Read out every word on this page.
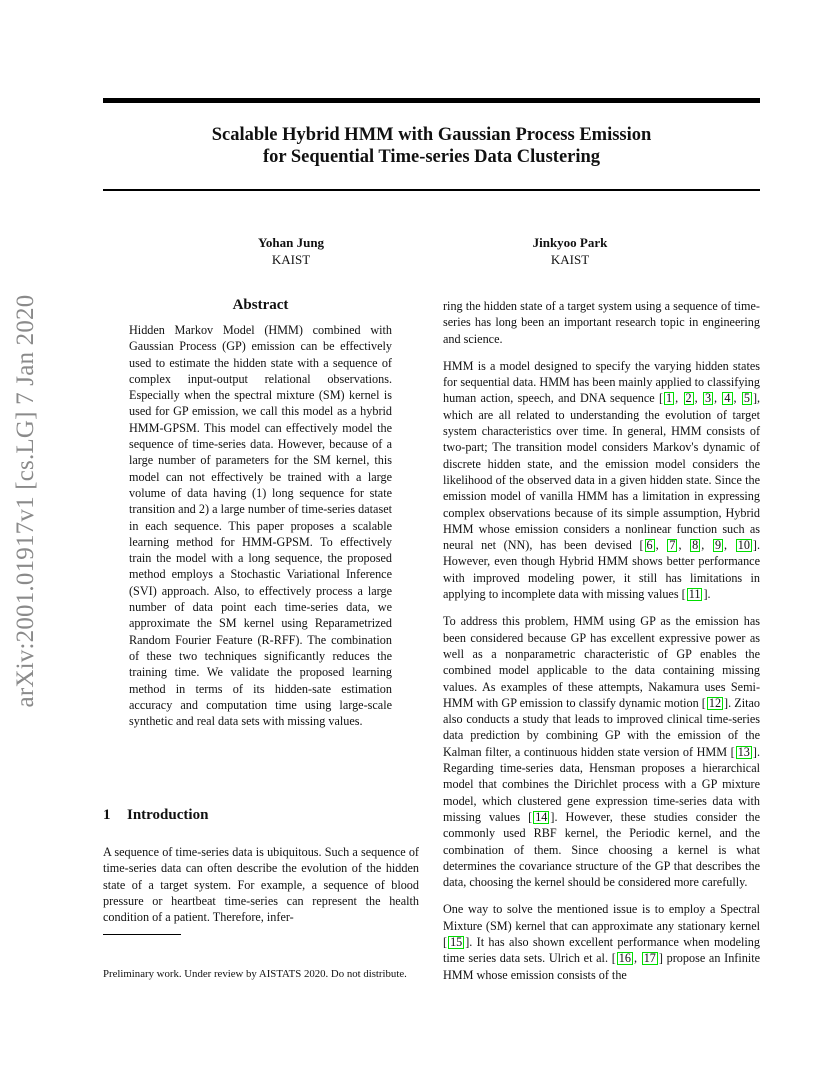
Scalable Hybrid HMM with Gaussian Process Emission
for Sequential Time-series Data Clustering
Yohan Jung
KAIST
Jinkyoo Park
KAIST
arXiv:2001.01917v1 [cs.LG] 7 Jan 2020	Abstract

Hidden Markov Model (HMM) combined with Gaussian Process (GP) emission can be effectively used to estimate the hidden state with a sequence of complex input-output relational observations. Especially when the spectral mixture (SM) kernel is used for GP emission, we call this model as a hybrid HMM-GPSM. This model can effectively model the sequence of time-series data. However, because of a large number of parameters for the SM kernel, this model can not effectively be trained with a large volume of data having (1) long sequence for state transition and 2) a large number of time-series dataset in each sequence. This paper proposes a scalable learning method for HMM-GPSM. To effectively train the model with a long sequence, the proposed method employs a Stochastic Variational Inference (SVI) approach. Also, to effectively process a large number of data point each time-series data, we approximate the SM kernel using Reparametrized Random Fourier Feature (R-RFF). The combination of these two techniques significantly reduces the training time. We validate the proposed learning method in terms of its hidden-sate estimation accuracy and computation time using large-scale synthetic and real data sets with missing values.

1 Introduction

A sequence of time-series data is ubiquitous. Such a sequence of time-series data can often describe the evolution of the hidden state of a target system. For example, a sequence of blood pressure or heartbeat time-series can represent the health condition of a patient. Therefore, infer-

Preliminary work. Under review by AISTATS 2020. Do not distribute.

ring the hidden state of a target system using a sequence of time-series has long been an important research topic in engineering and science.

HMM is a model designed to specify the varying hidden states for sequential data. HMM has been mainly applied to classifying human action, speech, and DNA sequence [ 1 , 2 , 3 , 4 , 5 ], which are all related to understanding the evolution of target system characteristics over time. In general, HMM consists of two-part; The transition model considers Markov's dynamic of discrete hidden state, and the emission model considers the likelihood of the observed data in a given hidden state. Since the emission model of vanilla HMM has a limitation in expressing complex observations because of its simple assumption, Hybrid HMM whose emission considers a nonlinear function such as neural net (NN), has been devised [ 6 , 7 , 8 , 9 , 10 ]. However, even though Hybrid HMM shows better performance with improved modeling power, it still has limitations in applying to incomplete data with missing values [ 11 ].

To address this problem, HMM using GP as the emission has been considered because GP has excellent expressive power as well as a nonparametric characteristic of GP enables the combined model applicable to the data containing missing values. As examples of these attempts, Nakamura uses Semi-HMM with GP emission to classify dynamic motion [ 12 ]. Zitao also conducts a study that leads to improved clinical time-series data prediction by combining GP with the emission of the Kalman filter, a continuous hidden state version of HMM [ 13 ]. Regarding time-series data, Hensman proposes a hierarchical model that combines the Dirichlet process with a GP mixture model, which clustered gene expression time-series data with missing values [ 14 ]. However, these studies consider the commonly used RBF kernel, the Periodic kernel, and the combination of them. Since choosing a kernel is what determines the covariance structure of the GP that describes the data, choosing the kernel should be considered more carefully.

One way to solve the mentioned issue is to employ a Spectral Mixture (SM) kernel that can approximate any stationary kernel [ 15 ]. It has also shown excellent performance when modeling time series data sets. Ulrich et al. [ 16 , 17 ] propose an Infinite HMM whose emission consists of the
